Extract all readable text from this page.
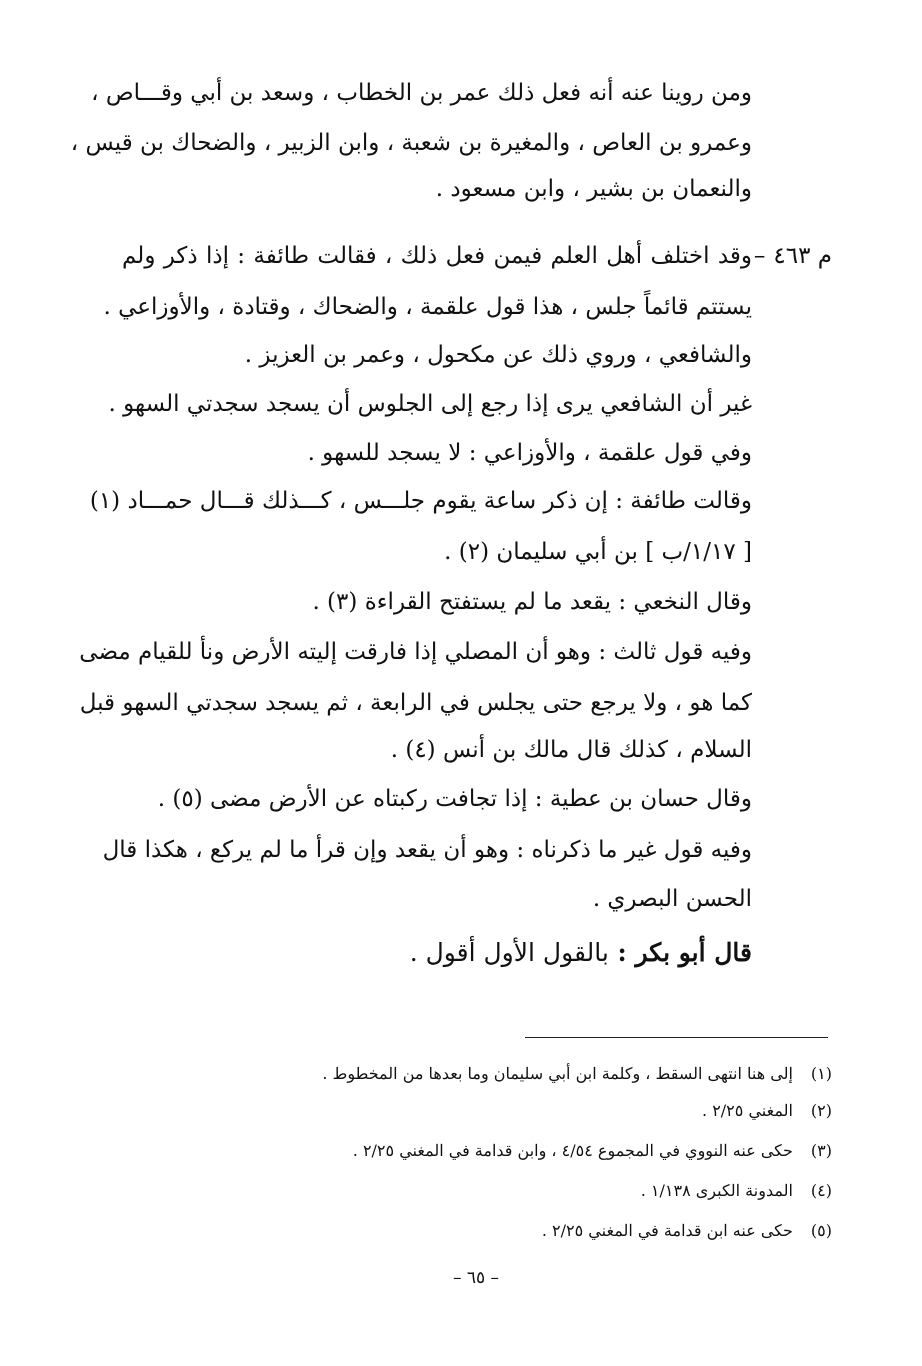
ومن روينا عنه أنه فعل ذلك عمر بن الخطاب ، وسعد بن أبي وقـــاص ،
وعمرو بن العاص ، والمغيرة بن شعبة ، وابن الزبير ، والضحاك بن قيس ،
والنعمان بن بشير ، وابن مسعود .
م ٤٦٣–
وقد اختلف أهل العلم فيمن فعل ذلك ، فقالت طائفة : إذا ذكر ولم
يستتم قائماً جلس ، هذا قول علقمة ، والضحاك ، وقتادة ، والأوزاعي .
والشافعي ، وروي ذلك عن مكحول ، وعمر بن العزيز .
غير أن الشافعي يرى إذا رجع إلى الجلوس أن يسجد سجدتي السهو .
وفي قول علقمة ، والأوزاعي : لا يسجد للسهو .
وقالت طائفة : إن ذكر ساعة يقوم جلـــس ، كـــذلك قـــال حمـــاد (١)
[ ١/١٧/ب ] بن أبي سليمان (٢) .
وقال النخعي : يقعد ما لم يستفتح القراءة (٣) .
وفيه قول ثالث : وهو أن المصلي إذا فارقت إليته الأرض ونأ للقيام مضى
كما هو ، ولا يرجع حتى يجلس في الرابعة ، ثم يسجد سجدتي السهو قبل
السلام ، كذلك قال مالك بن أنس (٤) .
وقال حسان بن عطية : إذا تجافت ركبتاه عن الأرض مضى (٥) .
وفيه قول غير ما ذكرناه : وهو أن يقعد وإن قرأ ما لم يركع ، هكذا قال
الحسن البصري .
قال أبو بكر : بالقول الأول أقول .
(١) إلى هنا انتهى السقط ، وكلمة ابن أبي سليمان وما بعدها من المخطوط .
(٢) المغني ٢/٢٥ .
(٣) حكى عنه النووي في المجموع ٤/٥٤ ، وابن قدامة في المغني ٢/٢٥ .
(٤) المدونة الكبرى ١/١٣٨ .
(٥) حكى عنه ابن قدامة في المغني ٢/٢٥ .
– ٦٥ –
